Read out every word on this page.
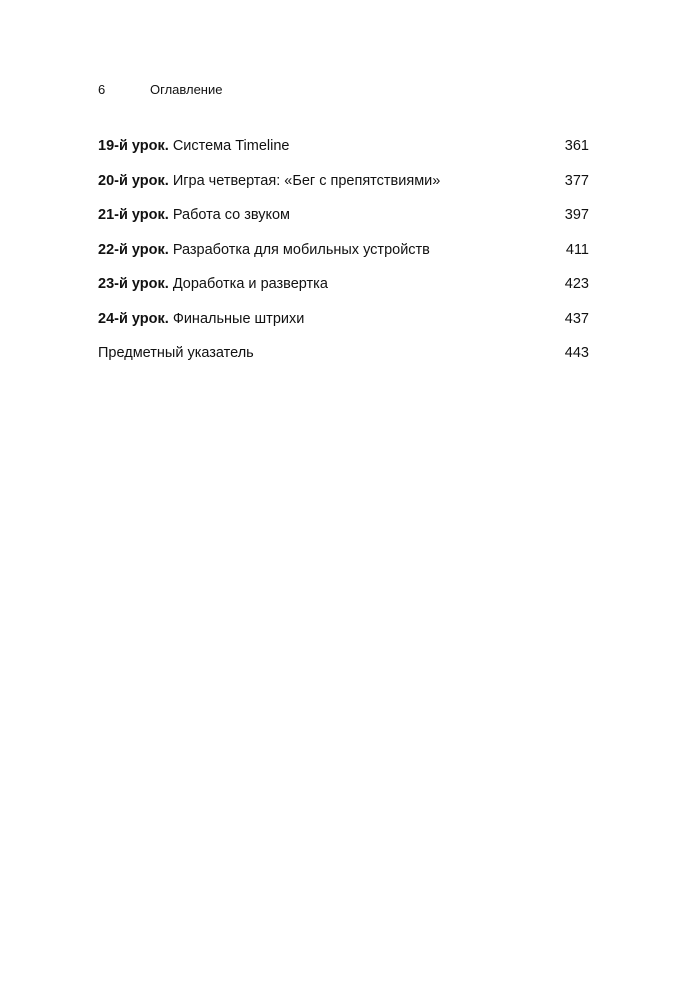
6	Оглавление
19-й урок. Система Timeline	361
20-й урок. Игра четвертая: «Бег с препятствиями»	377
21-й урок. Работа со звуком	397
22-й урок. Разработка для мобильных устройств	411
23-й урок. Доработка и развертка	423
24-й урок. Финальные штрихи	437
Предметный указатель	443
